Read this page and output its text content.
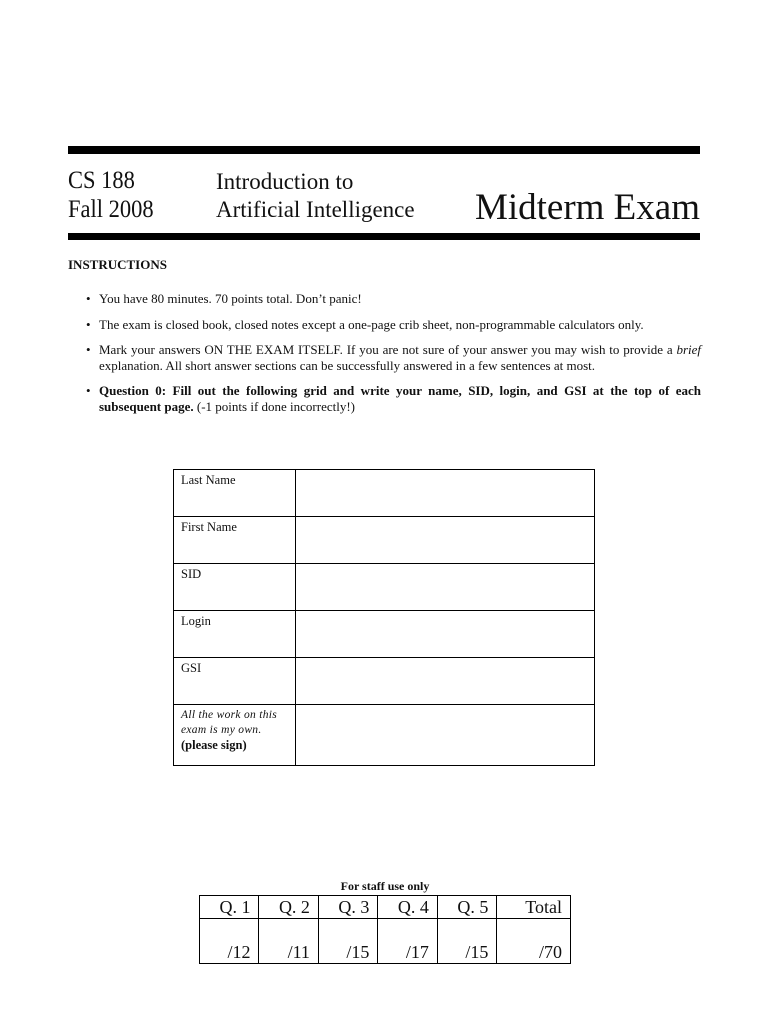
CS 188
Fall 2008
Introduction to
Artificial Intelligence Midterm Exam
INSTRUCTIONS
• You have 80 minutes. 70 points total. Don’t panic!
• The exam is closed book, closed notes except a one-page crib sheet, non-programmable calculators only.
• Mark your answers ON THE EXAM ITSELF. If you are not sure of your answer you may wish to provide a brief explanation. All short answer sections can be successfully answered in a few sentences at most.
• Question 0: Fill out the following grid and write your name, SID, login, and GSI at the top of each subsequent page. (-1 points if done incorrectly!)
Last Name	
First Name	
SID	
Login	
GSI	

All the work on this exam is my own.
(please sign)	

For staff use only
Q. 1	Q. 2	Q. 3	Q. 4	Q. 5	Total
/12	/11	/15	/17	/15	/70
